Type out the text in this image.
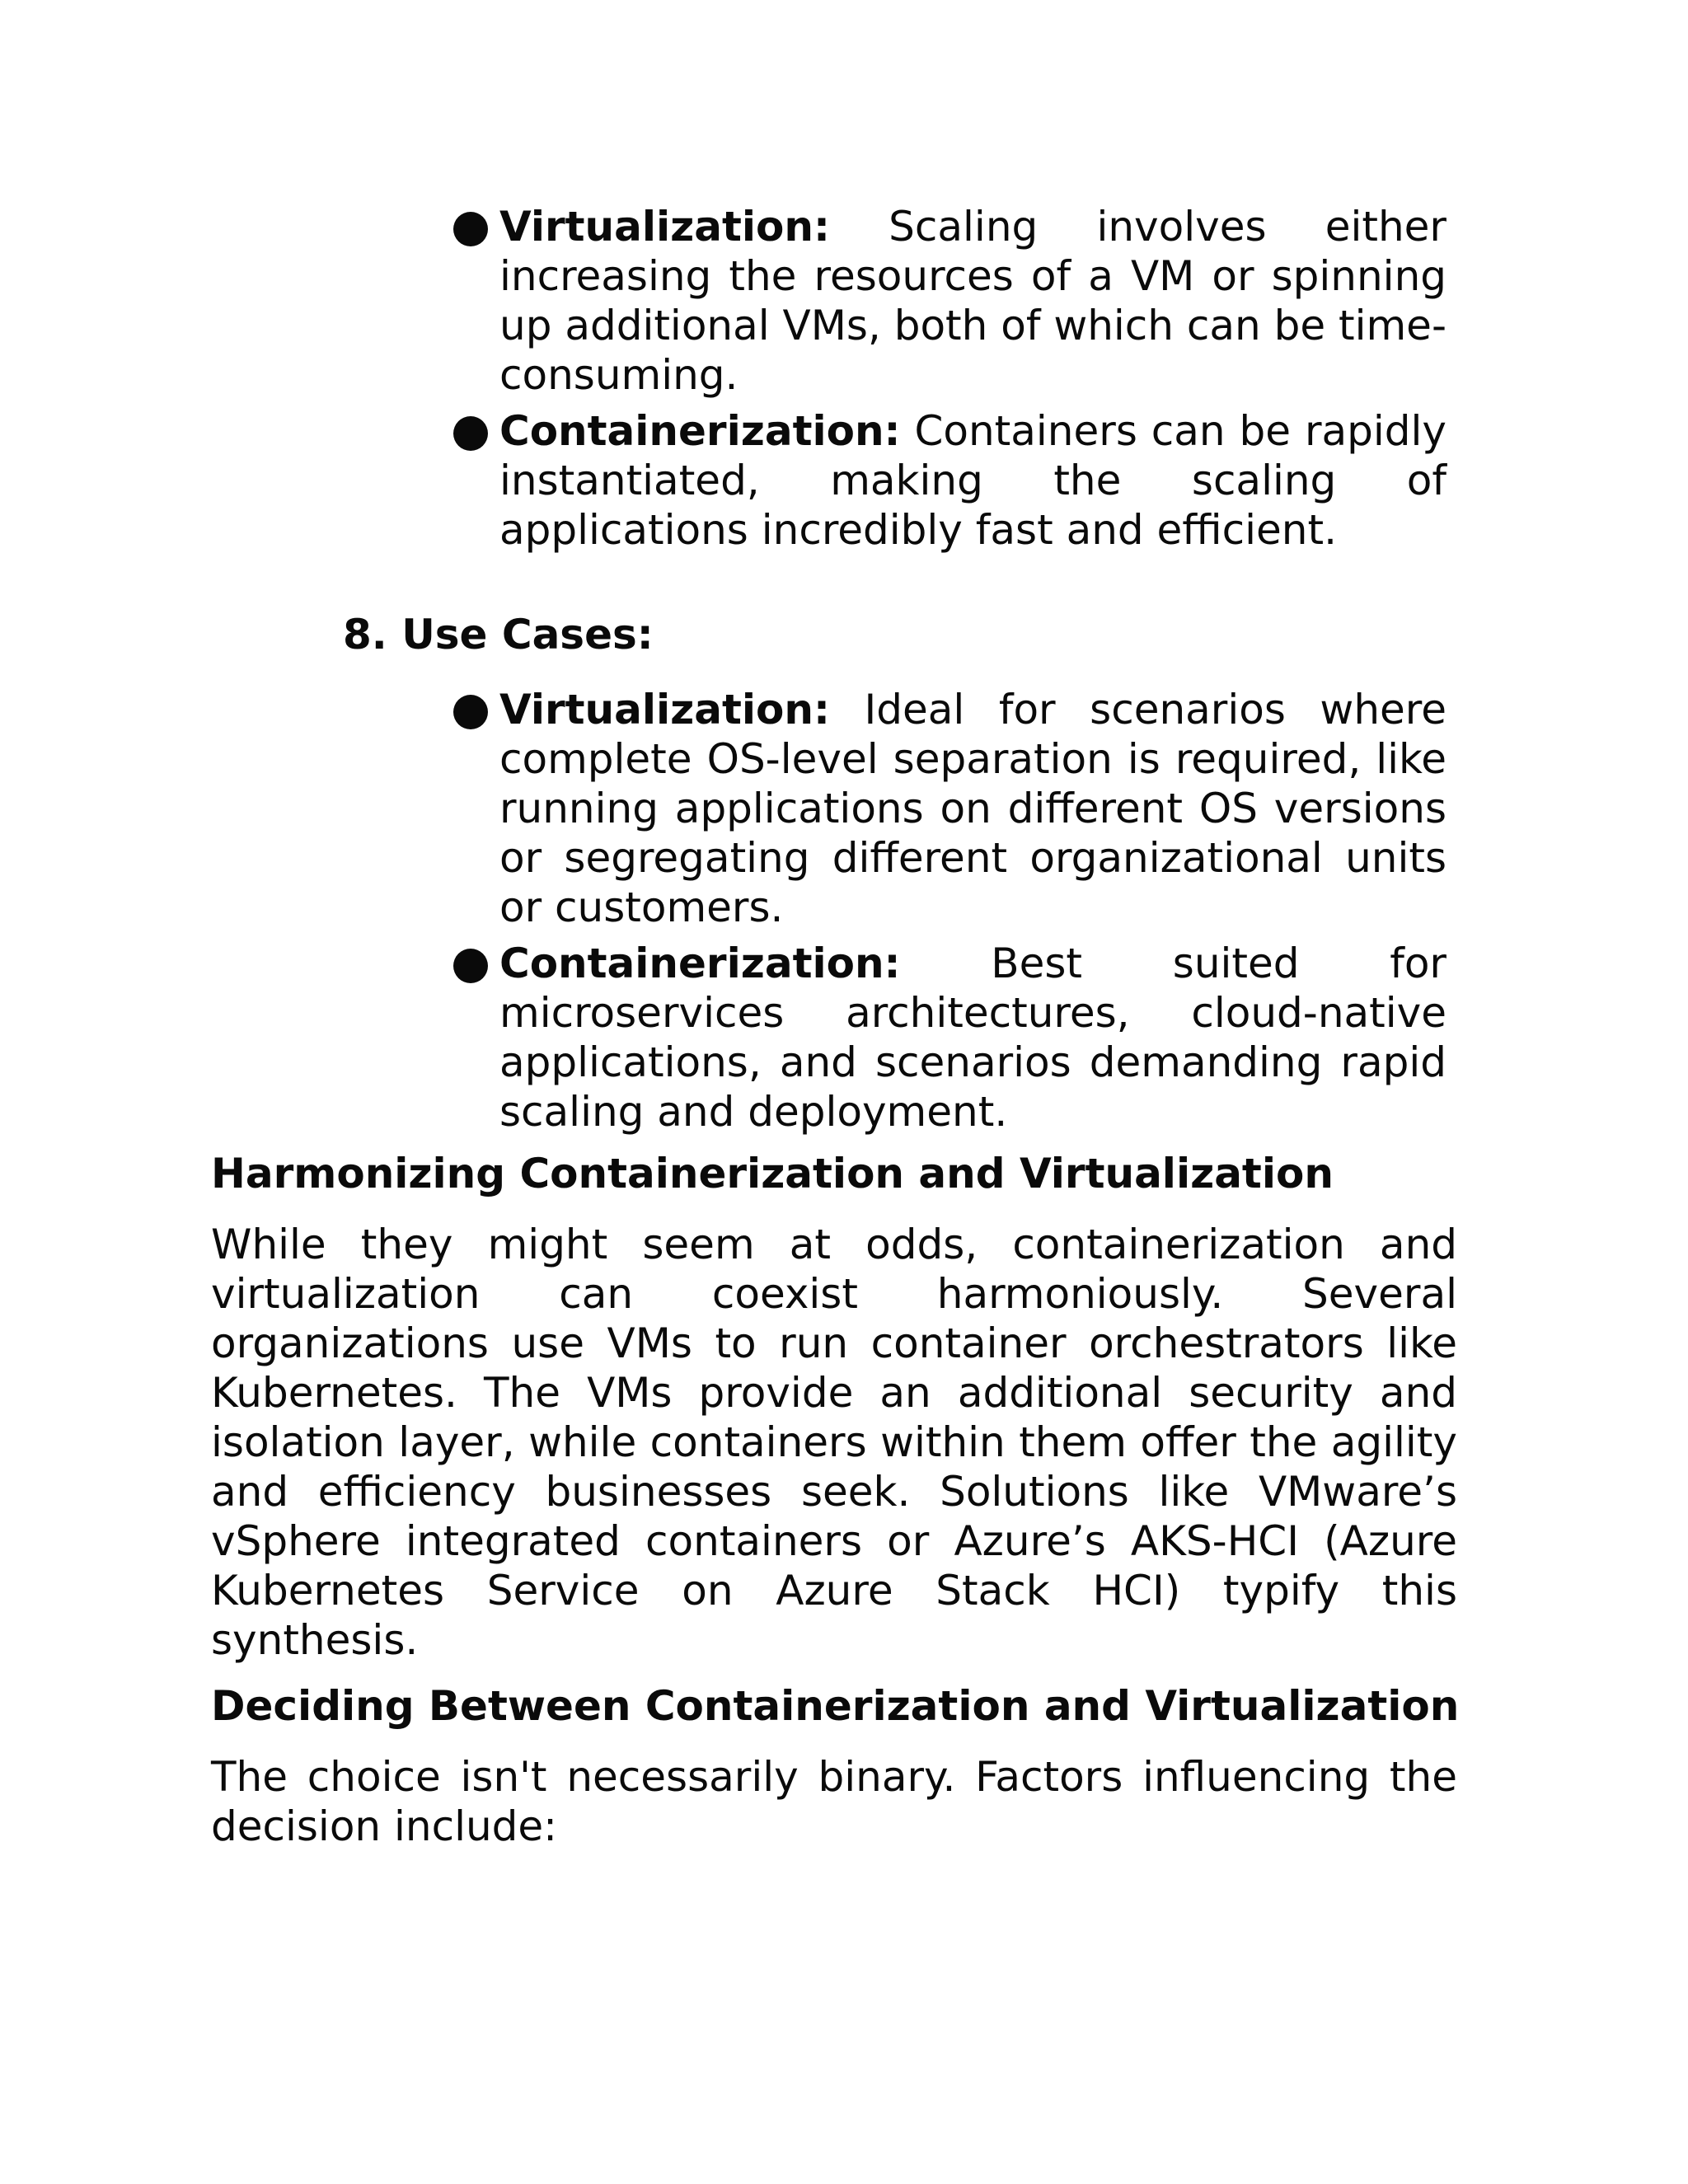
Virtualization: Scaling involves either increasing the resources of a VM or spinning up additional VMs, both of which can be time-consuming.
Containerization: Containers can be rapidly instantiated, making the scaling of applications incredibly fast and efficient.
8. Use Cases:
Virtualization: Ideal for scenarios where complete OS-level separation is required, like running applications on different OS versions or segregating different organizational units or customers.
Containerization: Best suited for microservices architectures, cloud-native applications, and scenarios demanding rapid scaling and deployment.
Harmonizing Containerization and Virtualization

While they might seem at odds, containerization and virtualization can coexist harmoniously. Several organizations use VMs to run container orchestrators like Kubernetes. The VMs provide an additional security and isolation layer, while containers within them offer the agility and efficiency businesses seek. Solutions like VMware’s vSphere integrated containers or Azure’s AKS-HCI (Azure Kubernetes Service on Azure Stack HCI) typify this synthesis.

Deciding Between Containerization and Virtualization

The choice isn't necessarily binary. Factors influencing the decision include:
